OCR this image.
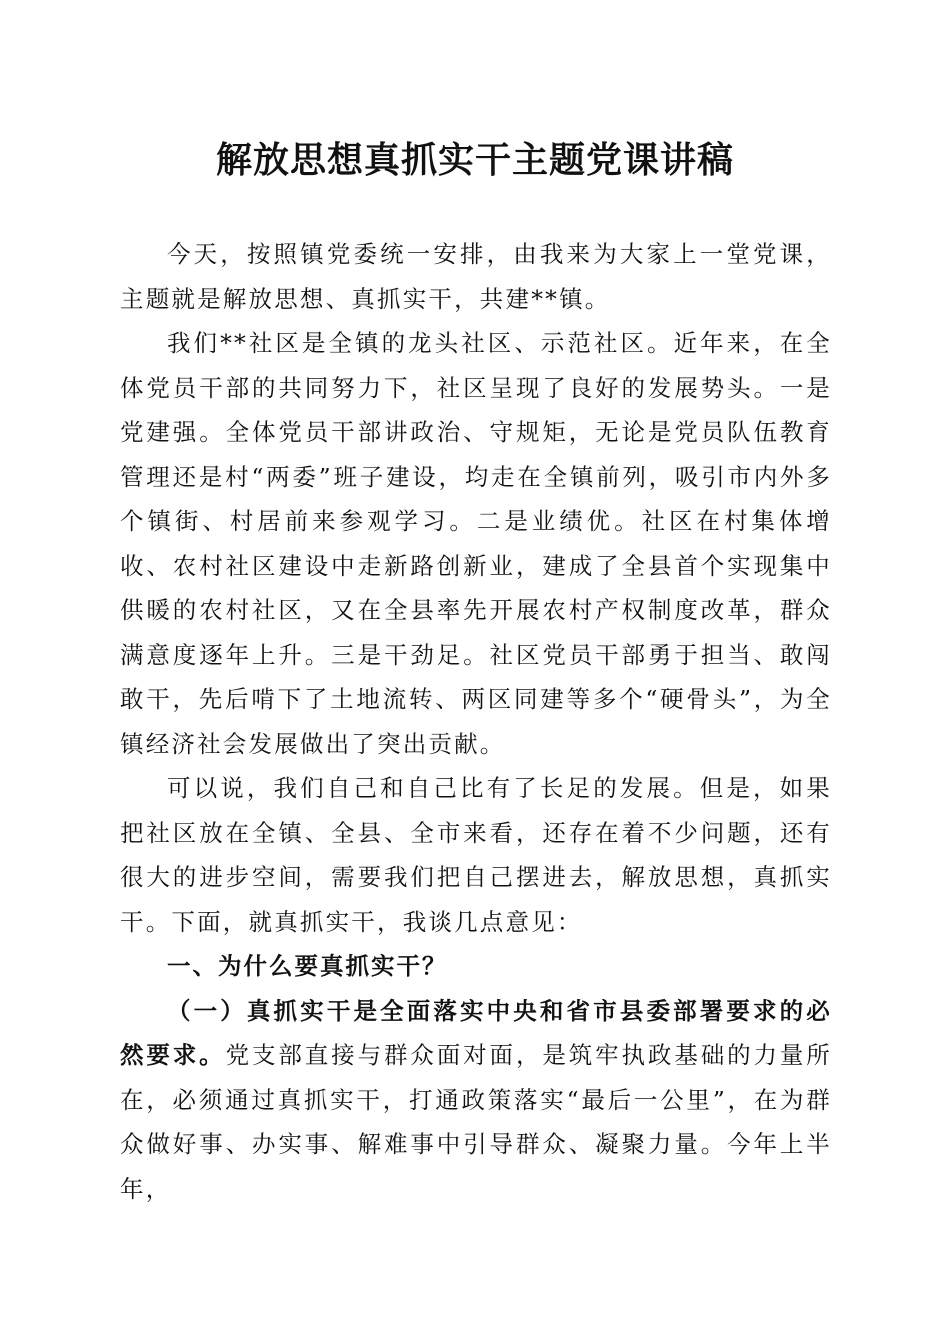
解放思想真抓实干主题党课讲稿

今天，按照镇党委统一安排，由我来为大家上一堂党课，主题就是解放思想、真抓实干，共建**镇。

我们**社区是全镇的龙头社区、示范社区。近年来，在全体党员干部的共同努力下，社区呈现了良好的发展势头。一是党建强。全体党员干部讲政治、守规矩，无论是党员队伍教育管理还是村“两委”班子建设，均走在全镇前列，吸引市内外多个镇街、村居前来参观学习。二是业绩优。社区在村集体增收、农村社区建设中走新路创新业，建成了全县首个实现集中供暖的农村社区，又在全县率先开展农村产权制度改革，群众满意度逐年上升。三是干劲足。社区党员干部勇于担当、敢闯敢干，先后啃下了土地流转、两区同建等多个“硬骨头”，为全镇经济社会发展做出了突出贡献。

可以说，我们自己和自己比有了长足的发展。但是，如果把社区放在全镇、全县、全市来看，还存在着不少问题，还有很大的进步空间，需要我们把自己摆进去，解放思想，真抓实干。下面，就真抓实干，我谈几点意见：

一、为什么要真抓实干？

（一）真抓实干是全面落实中央和省市县委部署要求的必然要求。党支部直接与群众面对面，是筑牢执政基础的力量所在，必须通过真抓实干，打通政策落实“最后一公里”，在为群众做好事、办实事、解难事中引导群众、凝聚力量。今年上半年，
